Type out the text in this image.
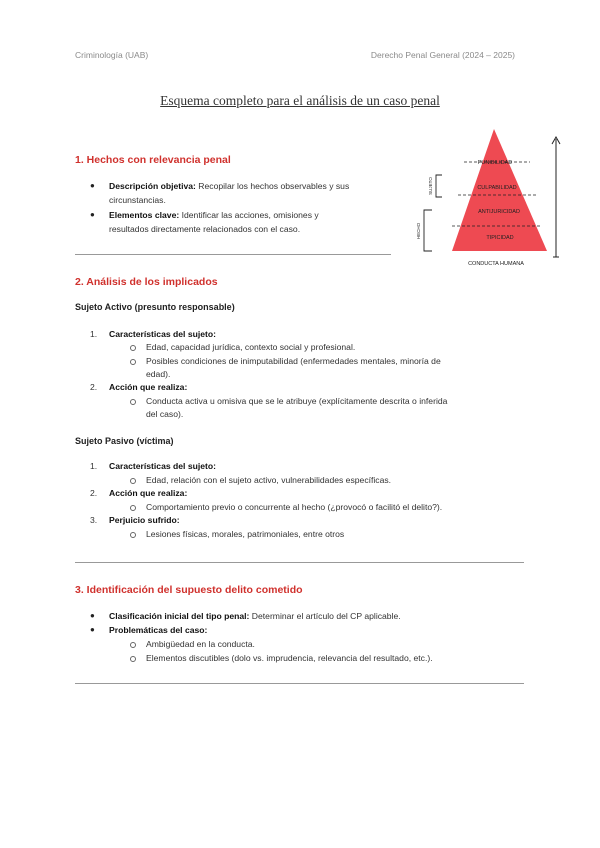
Criminología (UAB)	Derecho Penal General (2024 – 2025)
Esquema completo para el análisis de un caso penal
1. Hechos con relevancia penal
● Descripción objetiva: Recopilar los hechos observables y sus
circunstancias.
● Elementos clave: Identificar las acciones, omisiones y
resultados directamente relacionados con el caso.
PUNIBILIDAD
CULPABILIDAD
ANTIJURICIDAD
TIPICIDAD
CONDUCTA HUMANA
SUJETO
HECHO
2. Análisis de los implicados
Sujeto Activo (presunto responsable)
1. Características del sujeto:
Edad, capacidad jurídica, contexto social y profesional.
Posibles condiciones de inimputabilidad (enfermedades mentales, minoría de
edad).
2. Acción que realiza:
Conducta activa u omisiva que se le atribuye (explícitamente descrita o inferida
del caso).
Sujeto Pasivo (víctima)
1. Características del sujeto:
Edad, relación con el sujeto activo, vulnerabilidades específicas.
2. Acción que realiza:
Comportamiento previo o concurrente al hecho (¿provocó o facilitó el delito?).
3. Perjuicio sufrido:
Lesiones físicas, morales, patrimoniales, entre otros
3. Identificación del supuesto delito cometido
● Clasificación inicial del tipo penal: Determinar el artículo del CP aplicable.
● Problemáticas del caso:
Ambigüedad en la conducta.
Elementos discutibles (dolo vs. imprudencia, relevancia del resultado, etc.).
